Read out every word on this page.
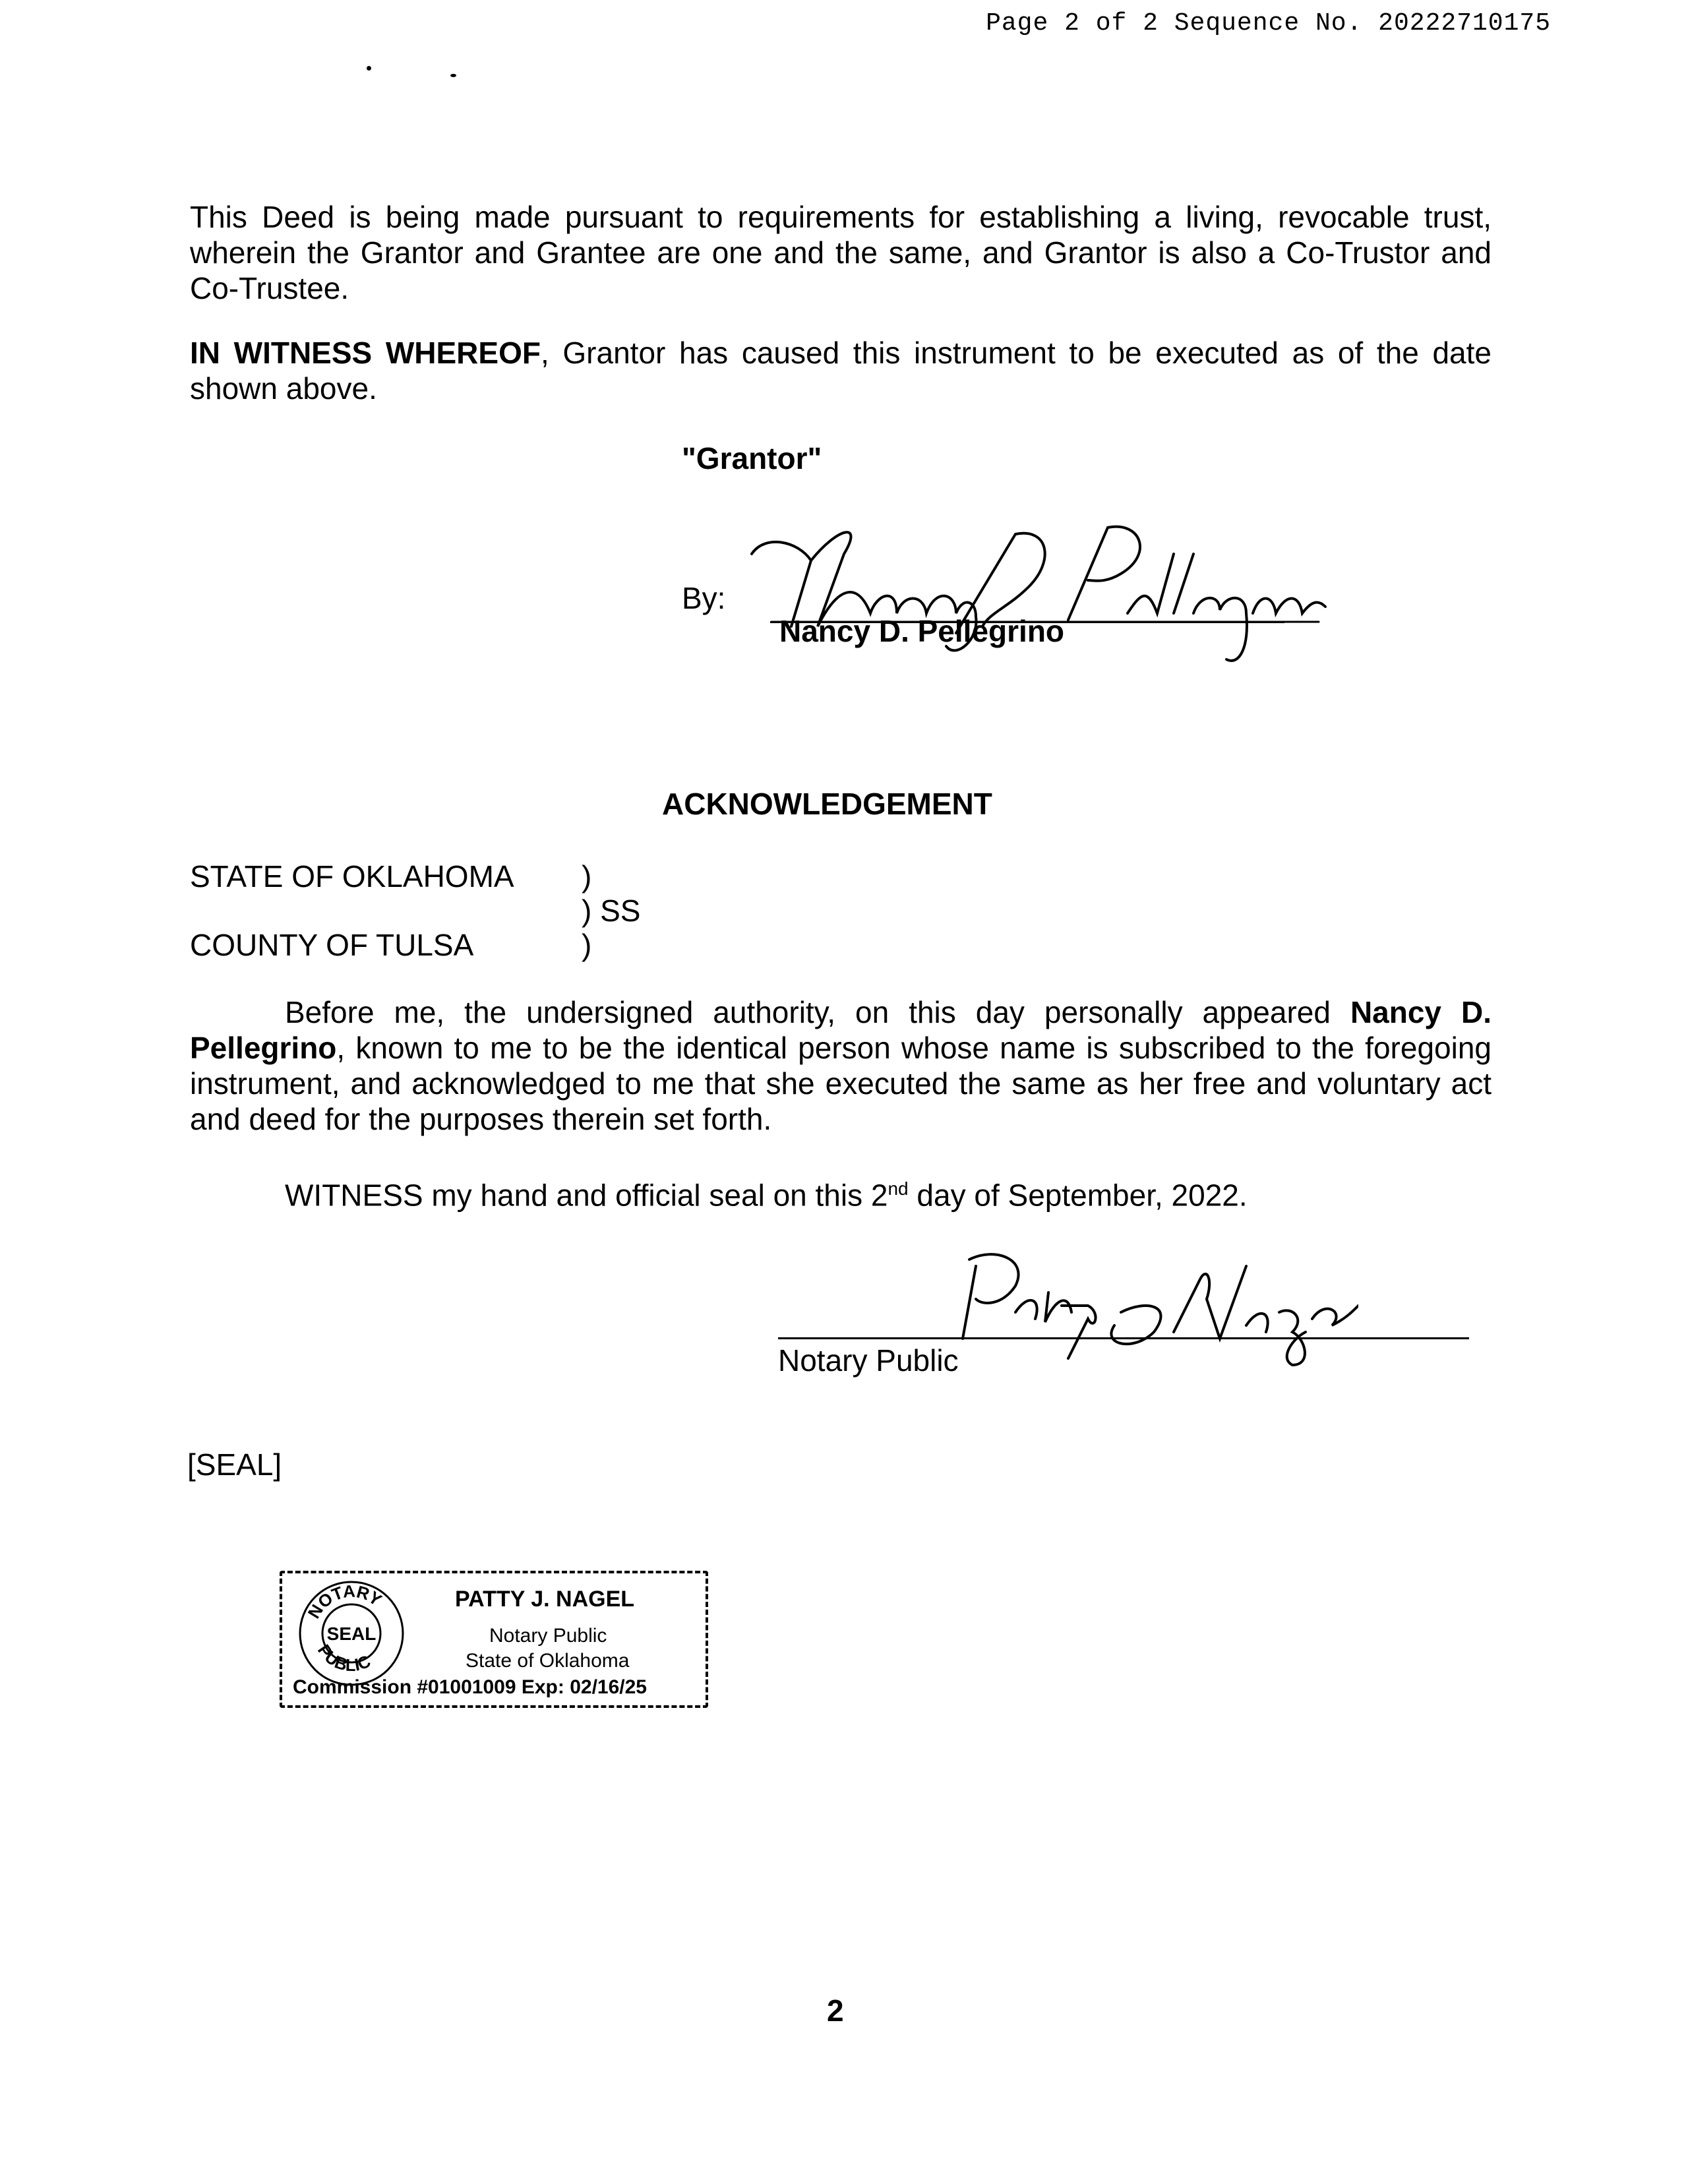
Page 2 of 2 Sequence No. 20222710175
This Deed is being made pursuant to requirements for establishing a living, revocable trust, wherein the Grantor and Grantee are one and the same, and Grantor is also a Co-Trustor and Co-Trustee.
IN WITNESS WHEREOF, Grantor has caused this instrument to be executed as of the date shown above.
"Grantor"
By:
Nancy D. Pellegrino
ACKNOWLEDGEMENT
STATE OF OKLAHOMA )
) SS
COUNTY OF TULSA	)
Before me, the undersigned authority, on this day personally appeared Nancy D. Pellegrino, known to me to be the identical person whose name is subscribed to the foregoing instrument, and acknowledged to me that she executed the same as her free and voluntary act and deed for the purposes therein set forth.
WITNESS my hand and official seal on this 2nd day of September, 2022.
Notary Public
[SEAL]
NOTARY
PUBLIC
SEAL
PATTY J. NAGEL
Notary Public
State of Oklahoma
Commission #01001009 Exp: 02/16/25
2
